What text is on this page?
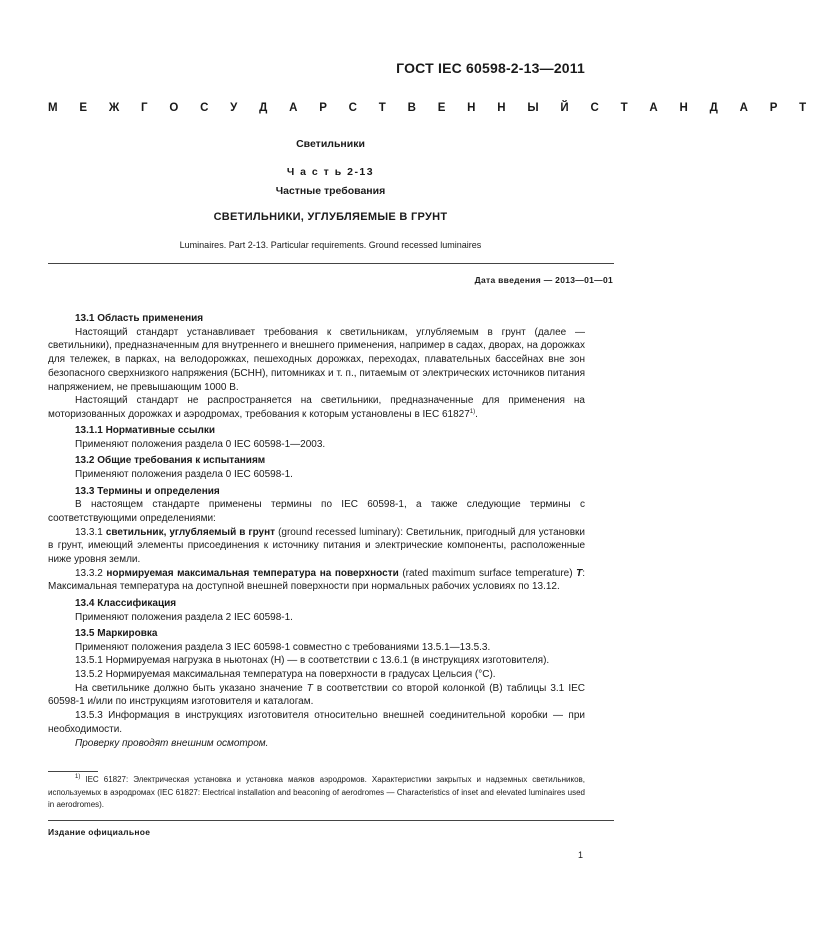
ГОСТ IEC 60598-2-13—2011
М Е Ж Г О С У Д А Р С Т В Е Н Н Ы Й С Т А Н Д А Р Т
Светильники
Ч а с т ь 2-13
Частные требования
СВЕТИЛЬНИКИ, УГЛУБЛЯЕМЫЕ В ГРУНТ
Luminaires. Part 2-13. Particular requirements. Ground recessed luminaires
Дата введения — 2013—01—01

13.1 Область применения

Настоящий стандарт устанавливает требования к светильникам, углубляемым в грунт (далее — светильники), предназначенным для внутреннего и внешнего применения, например в садах, дворах, на дорожках для тележек, в парках, на велодорожках, пешеходных дорожках, переходах, плавательных бассейнах вне зон безопасного сверхнизкого напряжения (БСНН), питомниках и т. п., питаемым от электрических источников питания напряжением, не превышающим 1000 В.

Настоящий стандарт не распространяется на светильники, предназначенные для применения на моторизованных дорожках и аэродромах, требования к которым установлены в IEC 61827$^{1)}$.

13.1.1 Нормативные ссылки

Применяют положения раздела 0 IEC 60598-1—2003.

13.2 Общие требования к испытаниям

Применяют положения раздела 0 IEC 60598-1.

13.3 Термины и определения

В настоящем стандарте применены термины по IEC 60598-1, а также следующие термины с соответствующими определениями:

13.3.1 светильник, углубляемый в грунт (ground recessed luminary): Светильник, пригодный для установки в грунт, имеющий элементы присоединения к источнику питания и электрические компоненты, расположенные ниже уровня земли.

13.3.2 нормируемая максимальная температура на поверхности (rated maximum surface temperature) T: Максимальная температура на доступной внешней поверхности при нормальных рабочих условиях по 13.12.

13.4 Классификация

Применяют положения раздела 2 IEC 60598-1.

13.5 Маркировка

Применяют положения раздела 3 IEC 60598-1 совместно с требованиями 13.5.1—13.5.3.

13.5.1 Нормируемая нагрузка в ньютонах (Н) — в соответствии с 13.6.1 (в инструкциях изготовителя).

13.5.2 Нормируемая максимальная температура на поверхности в градусах Цельсия (°С).

На светильнике должно быть указано значение T в соответствии со второй колонкой (В) таблицы 3.1 IEC 60598-1 и/или по инструкциям изготовителя и каталогам.

13.5.3 Информация в инструкциях изготовителя относительно внешней соединительной коробки — при необходимости.

Проверку проводят внешним осмотром.

$^{1)}$ IEC 61827: Электрическая установка и установка маяков аэродромов. Характеристики закрытых и надземных светильников, используемых в аэродромах (IEC 61827: Electrical installation and beaconing of aerodromes — Characteristics of inset and elevated luminaires used in aerodromes).

Издание официальное
1
